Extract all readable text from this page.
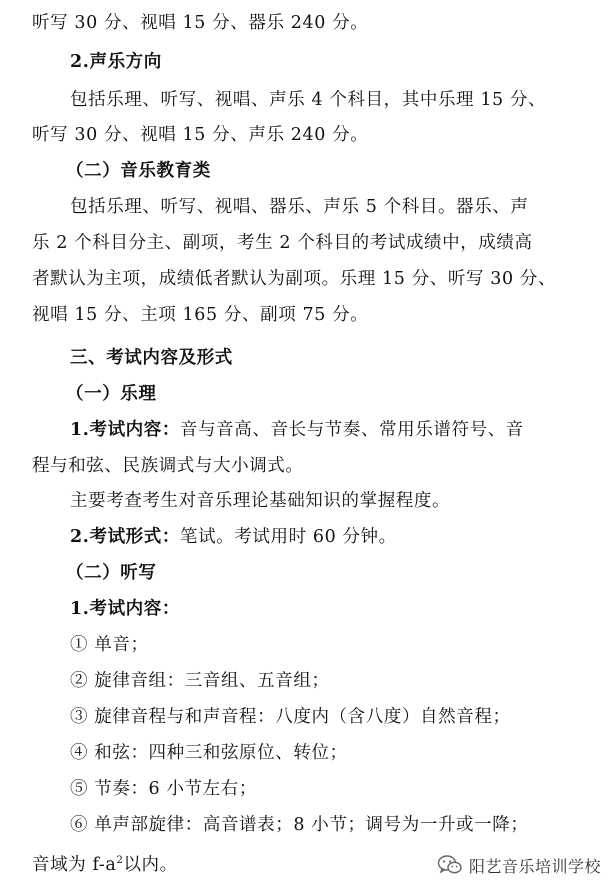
听写 30 分、视唱 15 分、器乐 240 分。
2.声乐方向
包括乐理、听写、视唱、声乐 4 个科目，其中乐理 15 分、
听写 30 分、视唱 15 分、声乐 240 分。
（二）音乐教育类
包括乐理、听写、视唱、器乐、声乐 5 个科目。器乐、声
乐 2 个科目分主、副项，考生 2 个科目的考试成绩中，成绩高
者默认为主项，成绩低者默认为副项。乐理 15 分、听写 30 分、
视唱 15 分、主项 165 分、副项 75 分。
三、考试内容及形式
（一）乐理
1.考试内容：音与音高、音长与节奏、常用乐谱符号、音
程与和弦、民族调式与大小调式。
主要考查考生对音乐理论基础知识的掌握程度。
2.考试形式：笔试。考试用时 60 分钟。
（二）听写
1.考试内容：
① 单音；
② 旋律音组：三音组、五音组；
③ 旋律音程与和声音程：八度内（含八度）自然音程；
④ 和弦：四种三和弦原位、转位；
⑤ 节奏：6 小节左右；
⑥ 单声部旋律：高音谱表；8 小节；调号为一升或一降；
音域为 $f-a^2$以内。	阳艺音乐培训学校
